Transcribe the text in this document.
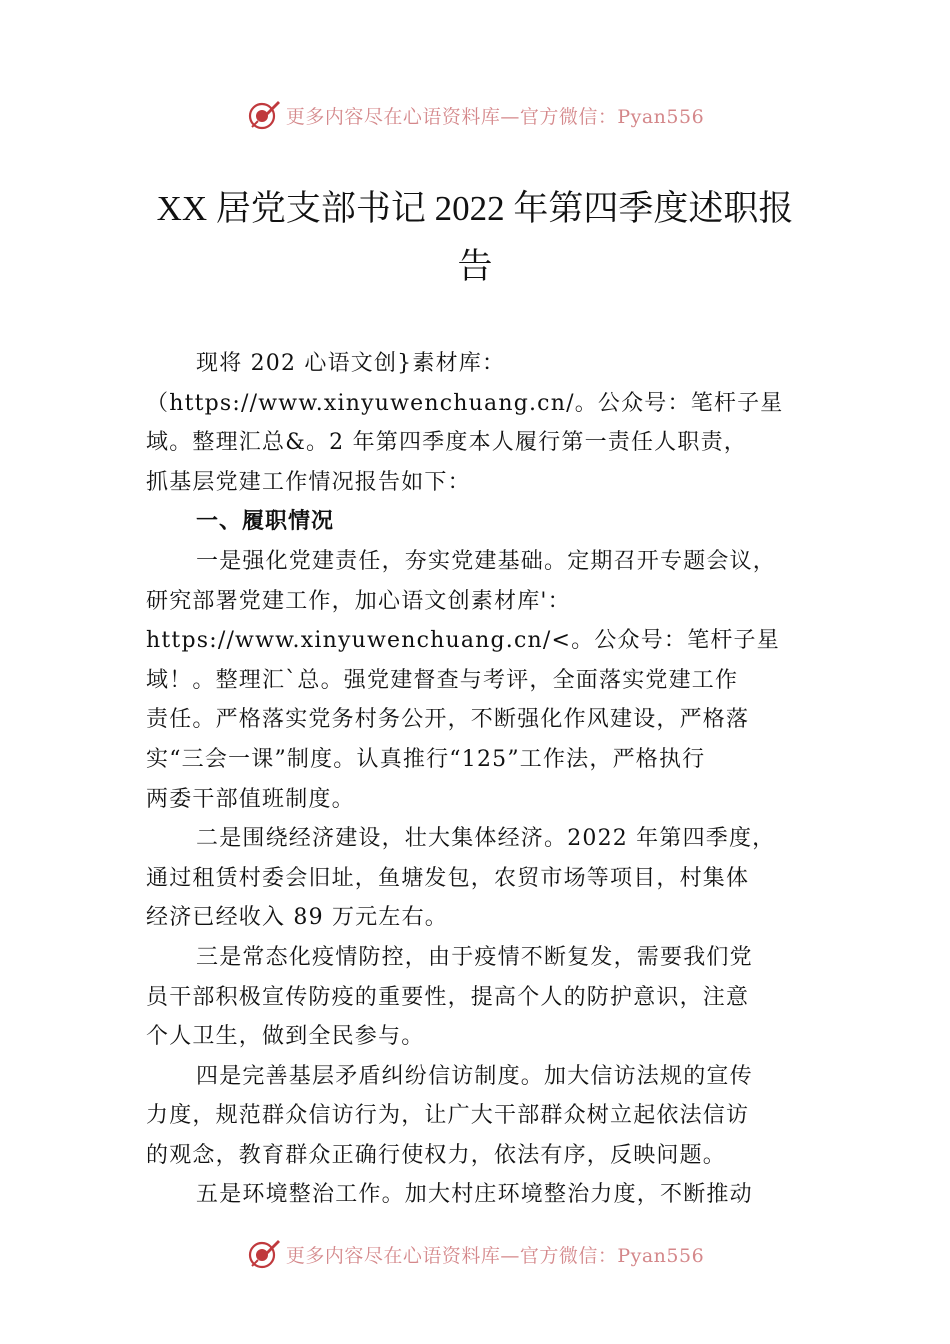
更多内容尽在心语资料库—官方微信：Pyan556
XX 居党支部书记 2022 年第四季度述职报
告
现将 202 心语文创}素材库：
（https://www.xinyuwenchuang.cn/。公众号：笔杆子星
域。整理汇总&。2 年第四季度本人履行第一责任人职责，
抓基层党建工作情况报告如下：
一、履职情况
一是强化党建责任，夯实党建基础。定期召开专题会议，
研究部署党建工作，加心语文创素材库'：
https://www.xinyuwenchuang.cn/<。公众号：笔杆子星
域！。整理汇`总。强党建督查与考评，全面落实党建工作
责任。严格落实党务村务公开，不断强化作风建设，严格落
实“三会一课”制度。认真推行“125”工作法，严格执行
两委干部值班制度。
二是围绕经济建设，壮大集体经济。2022 年第四季度，
通过租赁村委会旧址，鱼塘发包，农贸市场等项目，村集体
经济已经收入 89 万元左右。
三是常态化疫情防控，由于疫情不断复发，需要我们党
员干部积极宣传防疫的重要性，提高个人的防护意识，注意
个人卫生，做到全民参与。
四是完善基层矛盾纠纷信访制度。加大信访法规的宣传
力度，规范群众信访行为，让广大干部群众树立起依法信访
的观念，教育群众正确行使权力，依法有序，反映问题。
五是环境整治工作。加大村庄环境整治力度，不断推动
更多内容尽在心语资料库—官方微信：Pyan556
